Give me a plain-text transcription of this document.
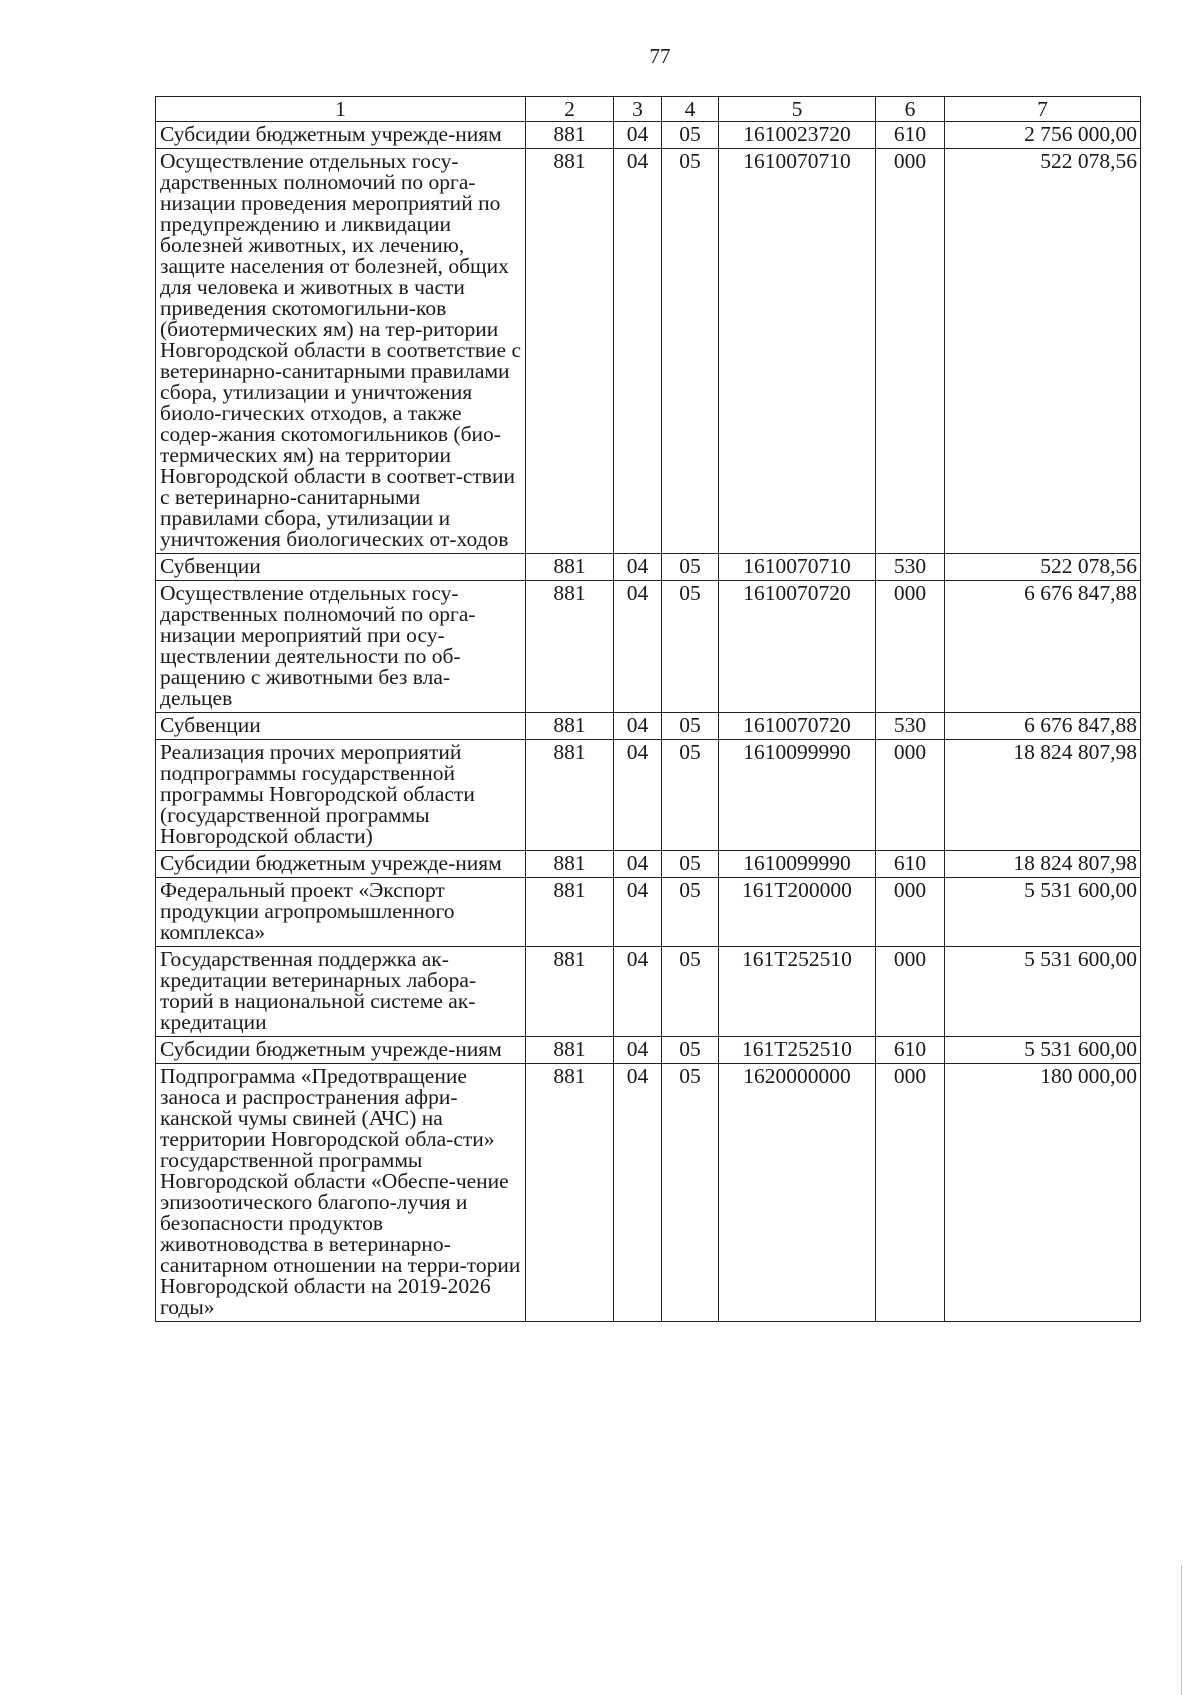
77
1	2	3	4	5	6	7
Субсидии бюджетным учрежде-ниям	881	04	05	1610023720	610	2 756 000,00
Осуществление отдельных госу-дарственных полномочий по орга-низации проведения мероприятий по предупреждению и ликвидации болезней животных, их лечению, защите населения от болезней, общих для человека и животных в части приведения скотомогильни-ков (биотермических ям) на тер-ритории Новгородской области в соответствие с ветеринарно-санитарными правилами сбора, утилизации и уничтожения биоло-гических отходов, а также содер-жания скотомогильников (био-термических ям) на территории Новгородской области в соответ-ствии с ветеринарно-санитарными правилами сбора, утилизации и уничтожения биологических от-ходов	881	04	05	1610070710	000	522 078,56
Субвенции	881	04	05	1610070710	530	522 078,56
Осуществление отдельных госу-дарственных полномочий по орга-низации мероприятий при осу-ществлении деятельности по об-ращению с животными без вла-дельцев	881	04	05	1610070720	000	6 676 847,88
Субвенции	881	04	05	1610070720	530	6 676 847,88
Реализация прочих мероприятий подпрограммы государственной программы Новгородской области (государственной программы Новгородской области)	881	04	05	1610099990	000	18 824 807,98
Субсидии бюджетным учрежде-ниям	881	04	05	1610099990	610	18 824 807,98
Федеральный проект «Экспорт продукции агропромышленного комплекса»	881	04	05	161T200000	000	5 531 600,00
Государственная поддержка ак-кредитации ветеринарных лабора-торий в национальной системе ак-кредитации	881	04	05	161T252510	000	5 531 600,00
Субсидии бюджетным учрежде-ниям	881	04	05	161T252510	610	5 531 600,00
Подпрограмма «Предотвращение заноса и распространения афри-канской чумы свиней (АЧС) на территории Новгородской обла-сти» государственной программы Новгородской области «Обеспе-чение эпизоотического благопо-лучия и безопасности продуктов животноводства в ветеринарно-санитарном отношении на терри-тории Новгородской области на 2019-2026 годы»	881	04	05	1620000000	000	180 000,00
